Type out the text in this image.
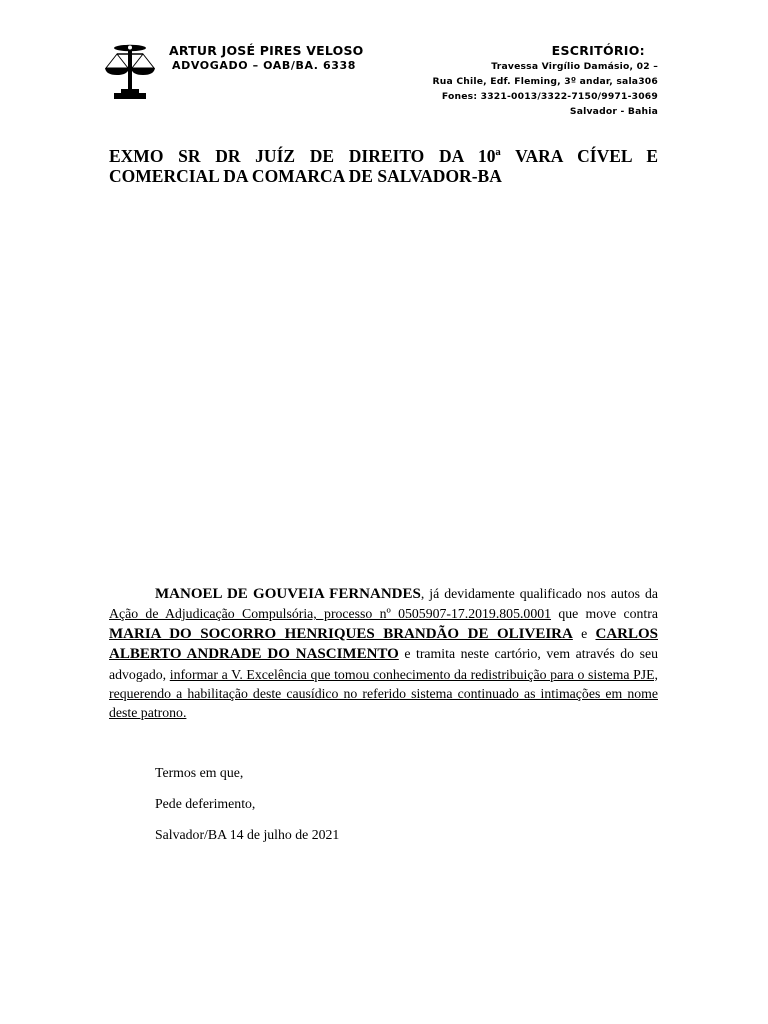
ARTUR JOSÉ PIRES VELOSO
ADVOGADO – OAB/BA. 6338
ESCRITÓRIO:
Travessa Virgílio Damásio, 02 –
Rua Chile, Edf. Fleming, 3º andar, sala306
Fones: 3321-0013/3322-7150/9971-3069
Salvador - Bahia
EXMO SR DR JUÍZ DE DIREITO DA 10ª VARA CÍVEL E COMERCIAL DA COMARCA DE SALVADOR-BA
MANOEL DE GOUVEIA FERNANDES, já devidamente qualificado nos autos da Ação de Adjudicação Compulsória, processo nº 0505907-17.2019.805.0001 que move contra MARIA DO SOCORRO HENRIQUES BRANDÃO DE OLIVEIRA e CARLOS ALBERTO ANDRADE DO NASCIMENTO e tramita neste cartório, vem através do seu advogado, informar a V. Excelência que tomou conhecimento da redistribuição para o sistema PJE, requerendo a habilitação deste causídico no referido sistema continuado as intimações em nome deste patrono.
Termos em que,
Pede deferimento,
Salvador/BA 14 de julho de 2021
